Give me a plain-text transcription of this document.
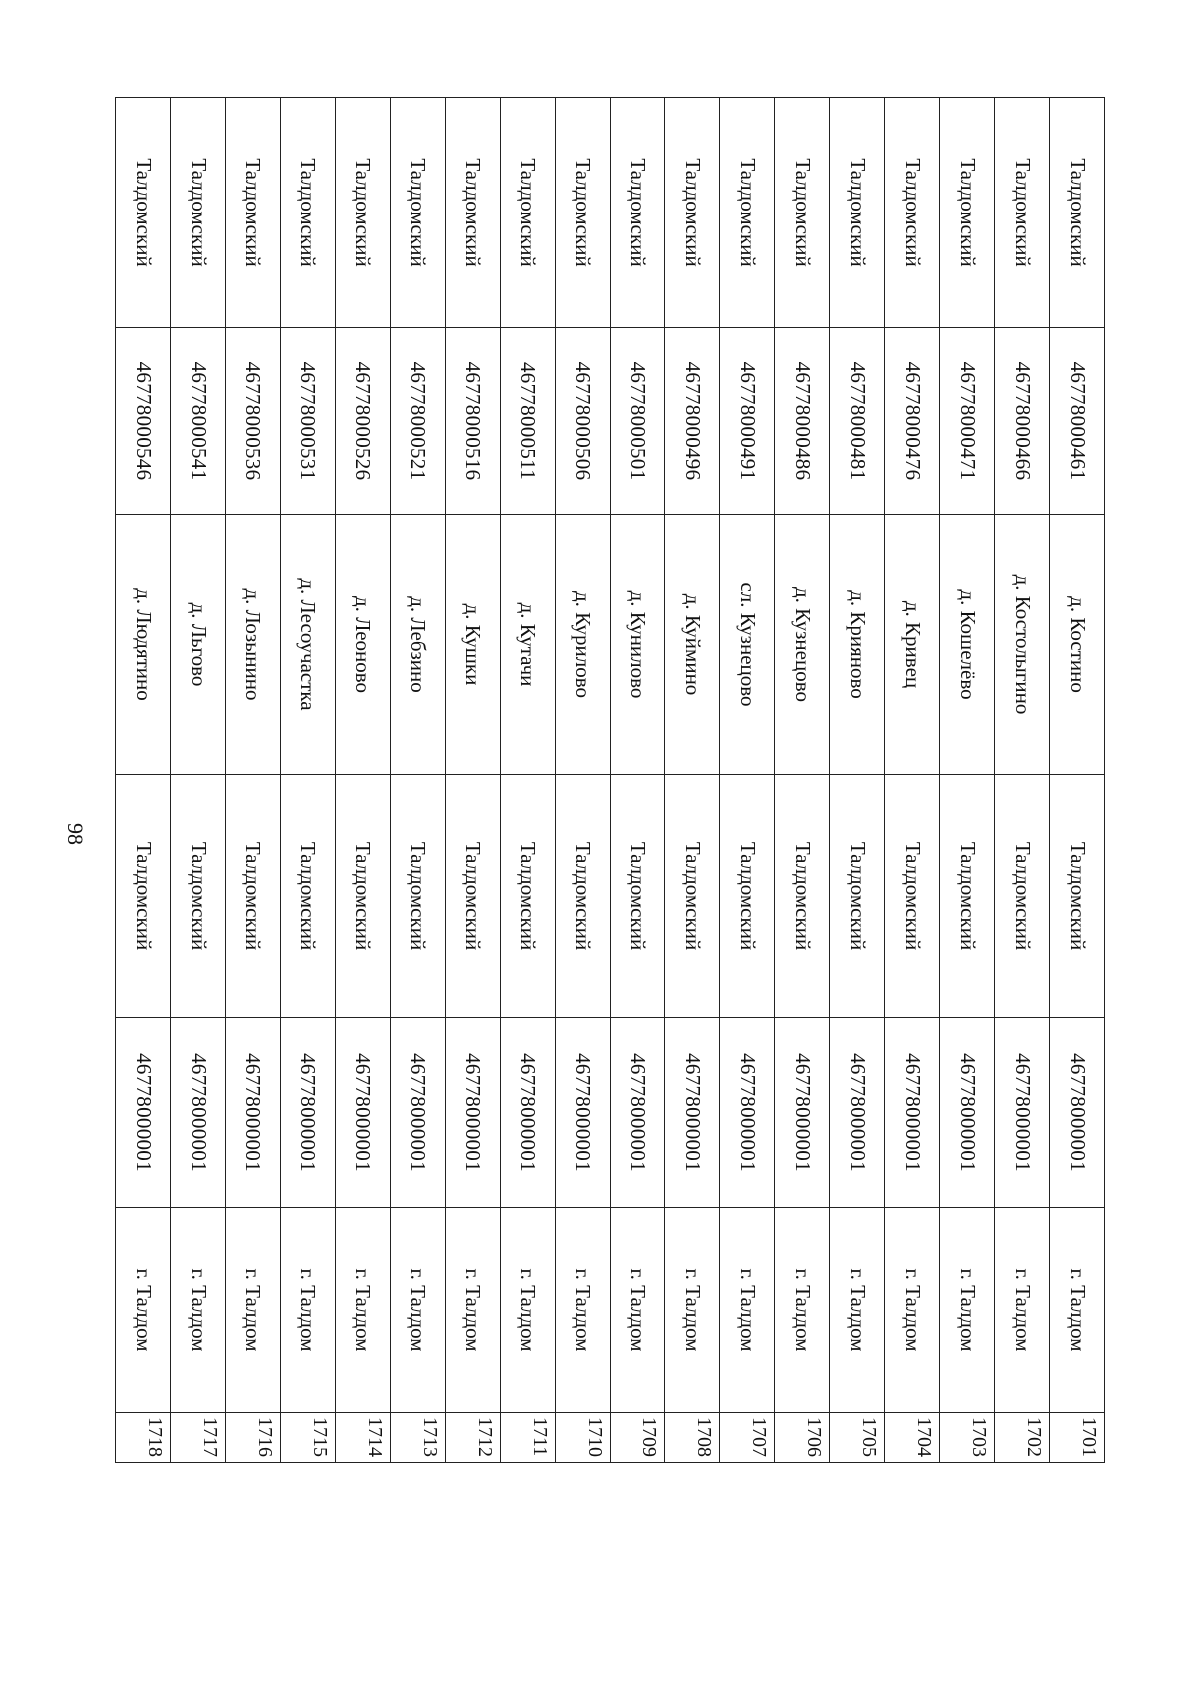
98
Талдомский	46778000461	д. Костино	Талдомский	46778000001	г. Талдом	1701
Талдомский	46778000466	д. Костолыгино	Талдомский	46778000001	г. Талдом	1702
Талдомский	46778000471	д. Кошелёво	Талдомский	46778000001	г. Талдом	1703
Талдомский	46778000476	д. Кривец	Талдомский	46778000001	г. Талдом	1704
Талдомский	46778000481	д. Крияново	Талдомский	46778000001	г. Талдом	1705
Талдомский	46778000486	д. Кузнецово	Талдомский	46778000001	г. Талдом	1706
Талдомский	46778000491	сл. Кузнецово	Талдомский	46778000001	г. Талдом	1707
Талдомский	46778000496	д. Куймино	Талдомский	46778000001	г. Талдом	1708
Талдомский	46778000501	д. Кунилово	Талдомский	46778000001	г. Талдом	1709
Талдомский	46778000506	д. Курилово	Талдомский	46778000001	г. Талдом	1710
Талдомский	46778000511	д. Кутачи	Талдомский	46778000001	г. Талдом	1711
Талдомский	46778000516	д. Кушки	Талдомский	46778000001	г. Талдом	1712
Талдомский	46778000521	д. Лебзино	Талдомский	46778000001	г. Талдом	1713
Талдомский	46778000526	д. Леоново	Талдомский	46778000001	г. Талдом	1714
Талдомский	46778000531	д. Лесоучастка	Талдомский	46778000001	г. Талдом	1715
Талдомский	46778000536	д. Лозынино	Талдомский	46778000001	г. Талдом	1716
Талдомский	46778000541	д. Льгово	Талдомский	46778000001	г. Талдом	1717
Талдомский	46778000546	д. Людятино	Талдомский	46778000001	г. Талдом	1718
